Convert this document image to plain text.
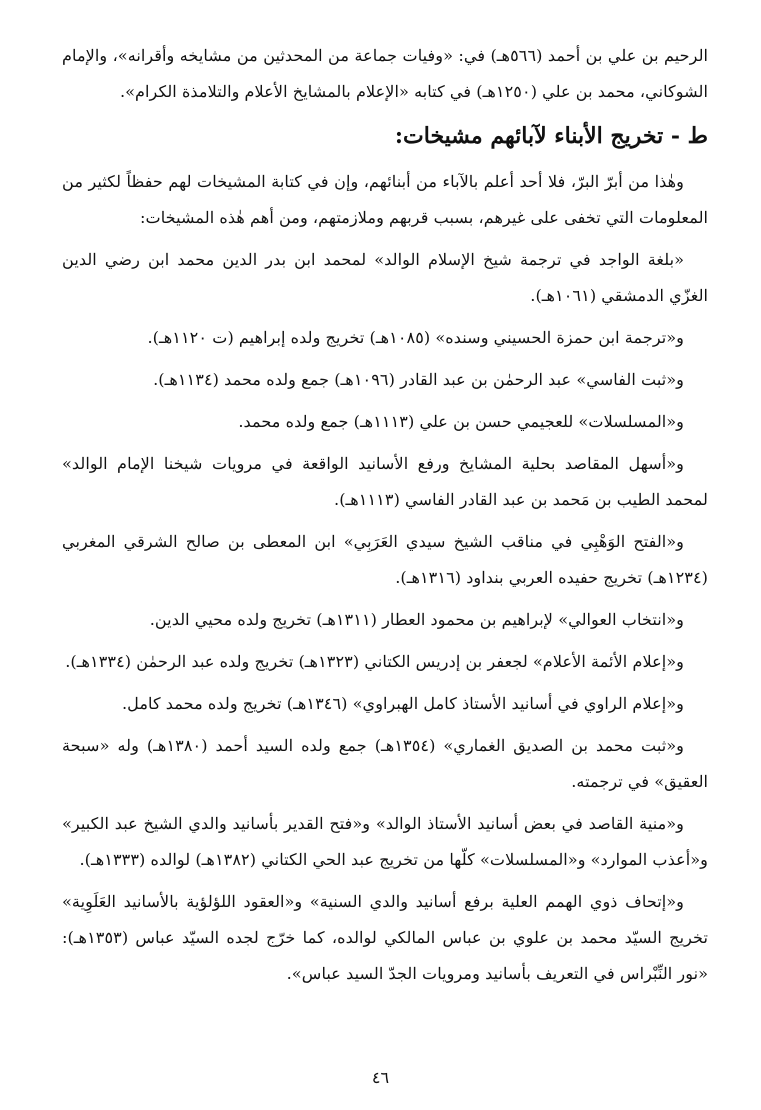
الرحيم بن علي بن أحمد (٥٦٦هـ) في: «وفيات جماعة من المحدثين من مشايخه وأقرانه»، والإمام الشوكاني، محمد بن علي (١٢٥٠هـ) في كتابه «الإعلام بالمشايخ الأعلام والتلامذة الكرام».

ط - تخريج الأبناء لآبائهم مشيخات:

وهٰذا من أبرّ البرّ، فلا أحد أعلم بالآباء من أبنائهم، وإن في كتابة المشيخات لهم حفظاً لكثير من المعلومات التي تخفى على غيرهم، بسبب قربهم وملازمتهم، ومن أهم هٰذه المشيخات:

«بلغة الواجد في ترجمة شيخ الإسلام الوالد» لمحمد ابن بدر الدين محمد ابن رضي الدين الغزّي الدمشقي (١٠٦١هـ).

و«ترجمة ابن حمزة الحسيني وسنده» (١٠٨٥هـ) تخريج ولده إبراهيم (ت ١١٢٠هـ).

و«ثبت الفاسي» عبد الرحمٰن بن عبد القادر (١٠٩٦هـ) جمع ولده محمد (١١٣٤هـ).

و«المسلسلات» للعجيمي حسن بن علي (١١١٣هـ) جمع ولده محمد.

و«أسهل المقاصد بحلية المشايخ ورفع الأسانيد الواقعة في مرويات شيخنا الإمام الوالد» لمحمد الطيب بن مَحمد بن عبد القادر الفاسي (١١١٣هـ).

و«الفتح الوَهْبِي في مناقب الشيخ سيدي العَرَبِي» ابن المعطى بن صالح الشرقي المغربي (١٢٣٤هـ) تخريج حفيده العربي بنداود (١٣١٦هـ).

و«انتخاب العوالي» لإبراهيم بن محمود العطار (١٣١١هـ) تخريج ولده محيي الدين.

و«إعلام الأئمة الأعلام» لجعفر بن إدريس الكتاني (١٣٢٣هـ) تخريج ولده عبد الرحمٰن (١٣٣٤هـ).

و«إعلام الراوي في أسانيد الأستاذ كامل الهبراوي» (١٣٤٦هـ) تخريج ولده محمد كامل.

و«ثبت محمد بن الصديق الغماري» (١٣٥٤هـ) جمع ولده السيد أحمد (١٣٨٠هـ) وله «سبحة العقيق» في ترجمته.

و«منية القاصد في بعض أسانيد الأستاذ الوالد» و«فتح القدير بأسانيد والدي الشيخ عبد الكبير» و«أعذب الموارد» و«المسلسلات» كلّها من تخريج عبد الحي الكتاني (١٣٨٢هـ) لوالده (١٣٣٣هـ).

و«إتحاف ذوي الهمم العلية برفع أسانيد والدي السنية» و«العقود اللؤلؤية بالأسانيد العَلَوِية» تخريج السيّد محمد بن علوي بن عباس المالكي لوالده، كما خرّج لجده السيّد عباس (١٣٥٣هـ): «نور النِّبْراس في التعريف بأسانيد ومرويات الجدّ السيد عباس».

٤٦
